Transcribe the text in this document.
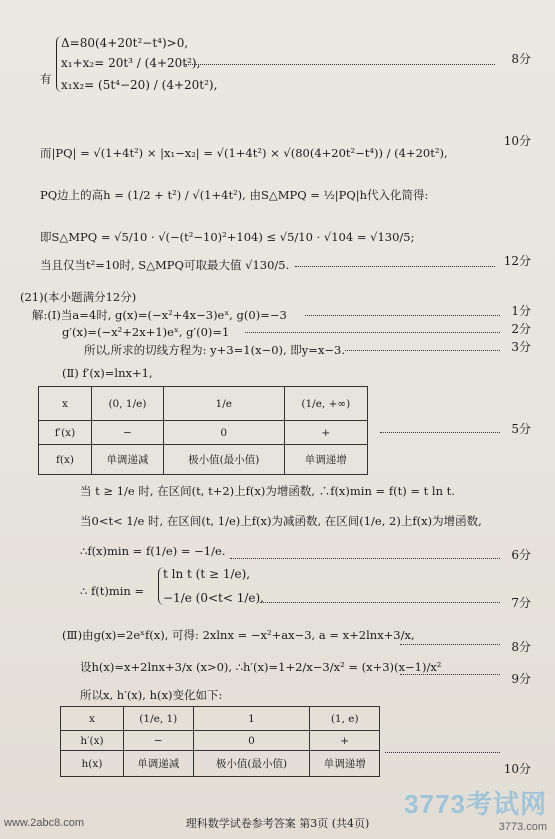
有
Δ=80(4+20t²−t⁴)>0,
x₁+x₂= 20t³ / (4+20t²),
x₁x₂= (5t⁴−20) / (4+20t²),
8分
而|PQ| = √(1+4t²) × |x₁−x₂| = √(1+4t²) × √(80(4+20t²−t⁴)) / (4+20t²),
10分
PQ边上的高h = (1/2 + t²) / √(1+4t²), 由S△MPQ = ½|PQ|h代入化简得:
即S△MPQ = √5/10 · √(−(t²−10)²+104) ≤ √5/10 · √104 = √130/5;
当且仅当t²=10时, S△MPQ可取最大值 √130/5.	12分
(21)(本小题满分12分)
解:(Ⅰ)当a=4时, g(x)=(−x²+4x−3)eˣ, g(0)=−3	1分
g′(x)=(−x²+2x+1)eˣ, g′(0)=1	2分
所以,所求的切线方程为: y+3=1(x−0), 即y=x−3.	3分
(Ⅱ) f′(x)=lnx+1,
x	(0, 1/e)	1/e	(1/e, +∞)
f′(x)	−	0	+
f(x)	单调递减	极小值(最小值)	单调递增
5分
当 t ≥ 1/e 时, 在区间(t, t+2)上f(x)为增函数, ∴f(x)min = f(t) = t ln t.
当0<t< 1/e 时, 在区间(t, 1/e)上f(x)为减函数, 在区间(1/e, 2)上f(x)为增函数,
∴f(x)min = f(1/e) = −1/e.	6分
∴ f(t)min =
t ln t (t ≥ 1/e),
−1/e (0<t< 1/e).	7分
(Ⅲ)由g(x)=2eˣf(x), 可得: 2xlnx = −x²+ax−3, a = x+2lnx+3/x,
8分
设h(x)=x+2lnx+3/x (x>0), ∴h′(x)=1+2/x−3/x² = (x+3)(x−1)/x²
9分
所以x, h′(x), h(x)变化如下:
x	(1/e, 1)	1	(1, e)
h′(x)	−	0	+
h(x)	单调递减	极小值(最小值)	单调递增	10分
理科数学试卷参考答案 第3页 (共4页)
www.2abc8.com
3773考试网
3773.com
